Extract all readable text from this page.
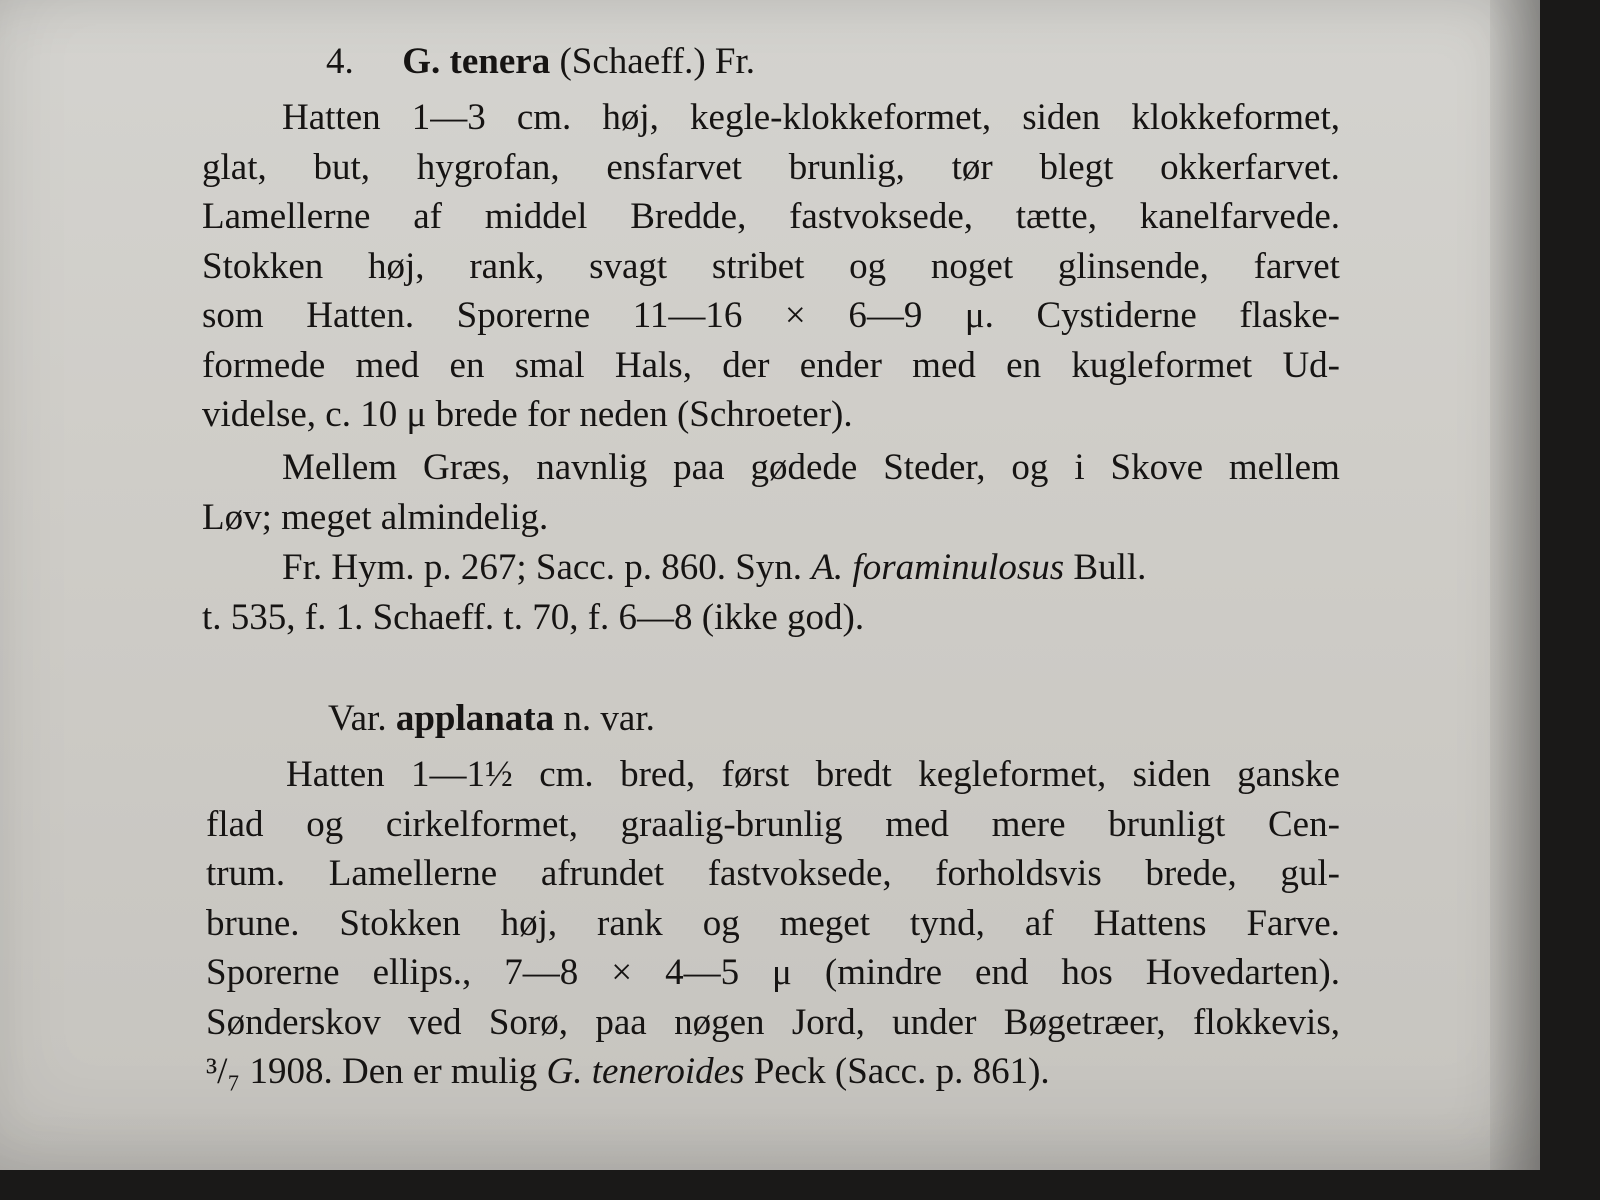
4. G. tenera (Schaeff.) Fr.
Hatten 1—3 cm. høj, kegle-klokkeformet, siden klokkeformet,
glat, but, hygrofan, ensfarvet brunlig, tør blegt okkerfarvet.
Lamellerne af middel Bredde, fastvoksede, tætte, kanelfarvede.
Stokken høj, rank, svagt stribet og noget glinsende, farvet
som Hatten. Sporerne 11—16 × 6—9 μ. Cystiderne flaske-
formede med en smal Hals, der ender med en kugleformet Ud-
videlse, c. 10 μ brede for neden (Schroeter).
Mellem Græs, navnlig paa gødede Steder, og i Skove mellem
Løv; meget almindelig.
Fr. Hym. p. 267; Sacc. p. 860. Syn. A. foraminulosus Bull.
t. 535, f. 1. Schaeff. t. 70, f. 6—8 (ikke god).
Var. applanata n. var.
Hatten 1—1½ cm. bred, først bredt kegleformet, siden ganske
flad og cirkelformet, graalig-brunlig med mere brunligt Cen-
trum. Lamellerne afrundet fastvoksede, forholdsvis brede, gul-
brune. Stokken høj, rank og meget tynd, af Hattens Farve.
Sporerne ellips., 7—8 × 4—5 μ (mindre end hos Hovedarten).
Sønderskov ved Sorø, paa nøgen Jord, under Bøgetræer, flokkevis,
³/₇ 1908. Den er mulig G. teneroides Peck (Sacc. p. 861).
